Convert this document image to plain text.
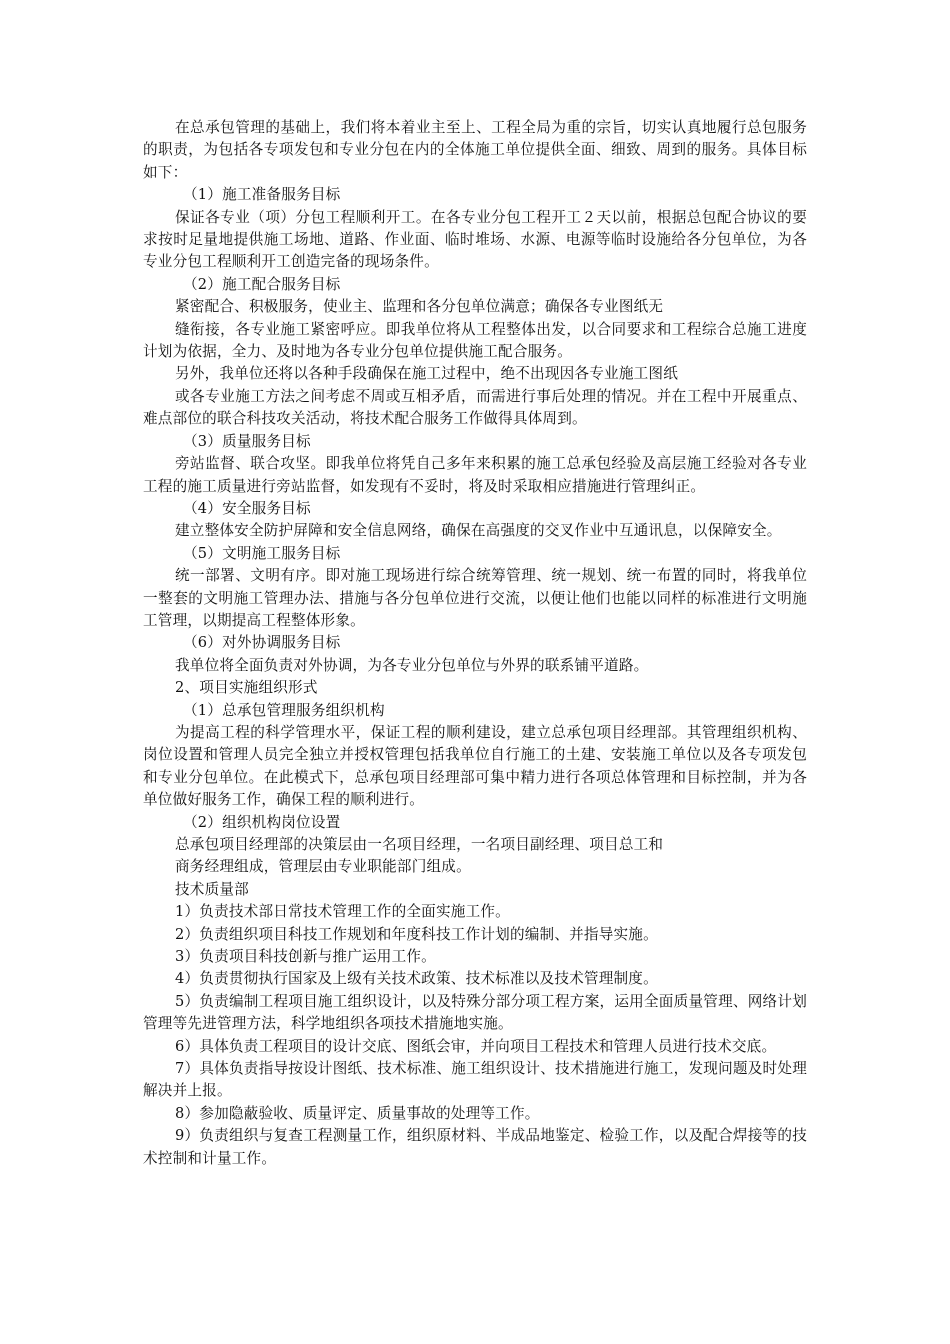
在总承包管理的基础上，我们将本着业主至上、工程全局为重的宗旨，切实认真地履行总包服务的职责，为包括各专项发包和专业分包在内的全体施工单位提供全面、细致、周到的服务。具体目标如下：

（1）施工准备服务目标

保证各专业（项）分包工程顺利开工。在各专业分包工程开工２天以前，根据总包配合协议的要求按时足量地提供施工场地、道路、作业面、临时堆场、水源、电源等临时设施给各分包单位，为各专业分包工程顺利开工创造完备的现场条件。

（2）施工配合服务目标

紧密配合、积极服务，使业主、监理和各分包单位满意；确保各专业图纸无

缝衔接，各专业施工紧密呼应。即我单位将从工程整体出发，以合同要求和工程综合总施工进度计划为依据，全力、及时地为各专业分包单位提供施工配合服务。

另外，我单位还将以各种手段确保在施工过程中，绝不出现因各专业施工图纸

或各专业施工方法之间考虑不周或互相矛盾，而需进行事后处理的情况。并在工程中开展重点、难点部位的联合科技攻关活动，将技术配合服务工作做得具体周到。

（3）质量服务目标

旁站监督、联合攻坚。即我单位将凭自己多年来积累的施工总承包经验及高层施工经验对各专业工程的施工质量进行旁站监督，如发现有不妥时，将及时采取相应措施进行管理纠正。

（4）安全服务目标

建立整体安全防护屏障和安全信息网络，确保在高强度的交叉作业中互通讯息，以保障安全。

（5）文明施工服务目标

统一部署、文明有序。即对施工现场进行综合统筹管理、统一规划、统一布置的同时，将我单位一整套的文明施工管理办法、措施与各分包单位进行交流，以便让他们也能以同样的标准进行文明施工管理，以期提高工程整体形象。

（6）对外协调服务目标

我单位将全面负责对外协调，为各专业分包单位与外界的联系铺平道路。

2、项目实施组织形式

（1）总承包管理服务组织机构

为提高工程的科学管理水平，保证工程的顺利建设，建立总承包项目经理部。其管理组织机构、岗位设置和管理人员完全独立并授权管理包括我单位自行施工的土建、安装施工单位以及各专项发包和专业分包单位。在此模式下，总承包项目经理部可集中精力进行各项总体管理和目标控制，并为各单位做好服务工作，确保工程的顺利进行。

（2）组织机构岗位设置

总承包项目经理部的决策层由一名项目经理，一名项目副经理、项目总工和

商务经理组成，管理层由专业职能部门组成。

技术质量部

1）负责技术部日常技术管理工作的全面实施工作。

2）负责组织项目科技工作规划和年度科技工作计划的编制、并指导实施。

3）负责项目科技创新与推广运用工作。

4）负责贯彻执行国家及上级有关技术政策、技术标准以及技术管理制度。

5）负责编制工程项目施工组织设计，以及特殊分部分项工程方案，运用全面质量管理、网络计划管理等先进管理方法，科学地组织各项技术措施地实施。

6）具体负责工程项目的设计交底、图纸会审，并向项目工程技术和管理人员进行技术交底。

7）具体负责指导按设计图纸、技术标准、施工组织设计、技术措施进行施工，发现问题及时处理解决并上报。

8）参加隐蔽验收、质量评定、质量事故的处理等工作。

9）负责组织与复查工程测量工作，组织原材料、半成品地鉴定、检验工作，以及配合焊接等的技术控制和计量工作。
